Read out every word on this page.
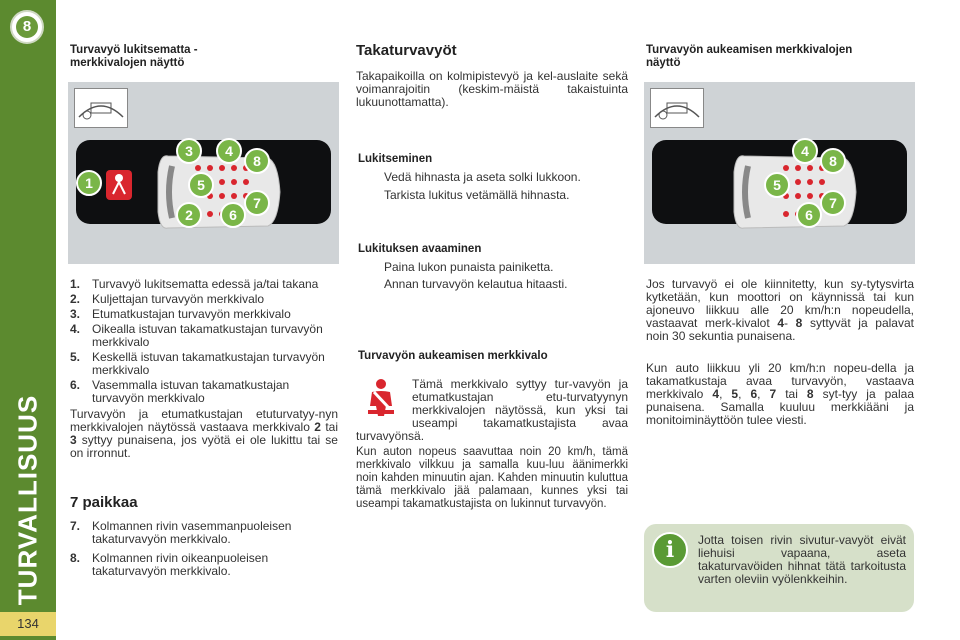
8
TURVALLISUUS
134
Turvavyö lukitsematta - merkkivalojen näyttö
1
3	4
8
5
2	6
7
1. Turvavyö lukitsematta edessä ja/tai takana
2. Kuljettajan turvavyön merkkivalo
3. Etumatkustajan turvavyön merkkivalo
4. Oikealla istuvan takamatkustajan turvavyön merkkivalo
5. Keskellä istuvan takamatkustajan turvavyön merkkivalo
6. Vasemmalla istuvan takamatkustajan turvavyön merkkivalo
Turvavyön ja etumatkustajan etuturvatyy-nyn merkkivalojen näytössä vastaava merkkivalo 2 tai 3 syttyy punaisena, jos vyötä ei ole lukittu tai se on irronnut.
7 paikkaa
7. Kolmannen rivin vasemmanpuoleisen takaturvavyön merkkivalo.
8. Kolmannen rivin oikeanpuoleisen takaturvavyön merkkivalo.
Takaturvavyöt
Takapaikoilla on kolmipistevyö ja kel-auslaite sekä voimanrajoitin (keskim-mäistä takaistuinta lukuunottamatta).
Lukitseminen
Vedä hihnasta ja aseta solki lukkoon.
Tarkista lukitus vetämällä hihnasta.
Lukituksen avaaminen
Paina lukon punaista painiketta.
Annan turvavyön kelautua hitaasti.
Turvavyön aukeamisen merkkivalo
Tämä merkkivalo syttyy tur-vavyön ja etumatkustajan etu-turvatyynyn merkkivalojen näytössä, kun yksi tai useampi takamatkustajista avaa turvavyönsä.
Kun auton nopeus saavuttaa noin 20 km/h, tämä merkkivalo vilkkuu ja samalla kuu-luu äänimerkki noin kahden minuutin ajan. Kahden minuutin kuluttua tämä merkkivalo jää palamaan, kunnes yksi tai useampi takamatkustajista on lukinnut turvavyön.
Turvavyön aukeamisen merkkivalojen näyttö
4
8
5
6
7
Jos turvavyö ei ole kiinnitetty, kun sy-tytysvirta kytketään, kun moottori on käynnissä tai kun ajoneuvo liikkuu alle 20 km/h:n nopeudella, vastaavat merk-kivalot 4- 8 syttyvät ja palavat noin 30 sekuntia punaisena.
Kun auto liikkuu yli 20 km/h:n nopeu-della ja takamatkustaja avaa turvavyön, vastaava merkkivalo 4, 5, 6, 7 tai 8 syt-tyy ja palaa punaisena. Samalla kuuluu merkkiääni ja monitoiminäyttöön tulee viesti.
i	Jotta toisen rivin sivutur-vavyöt eivät liehuisi vapaana, aseta takaturvavöiden hihnat tätä tarkoitusta varten oleviin vyölenkkeihin.
